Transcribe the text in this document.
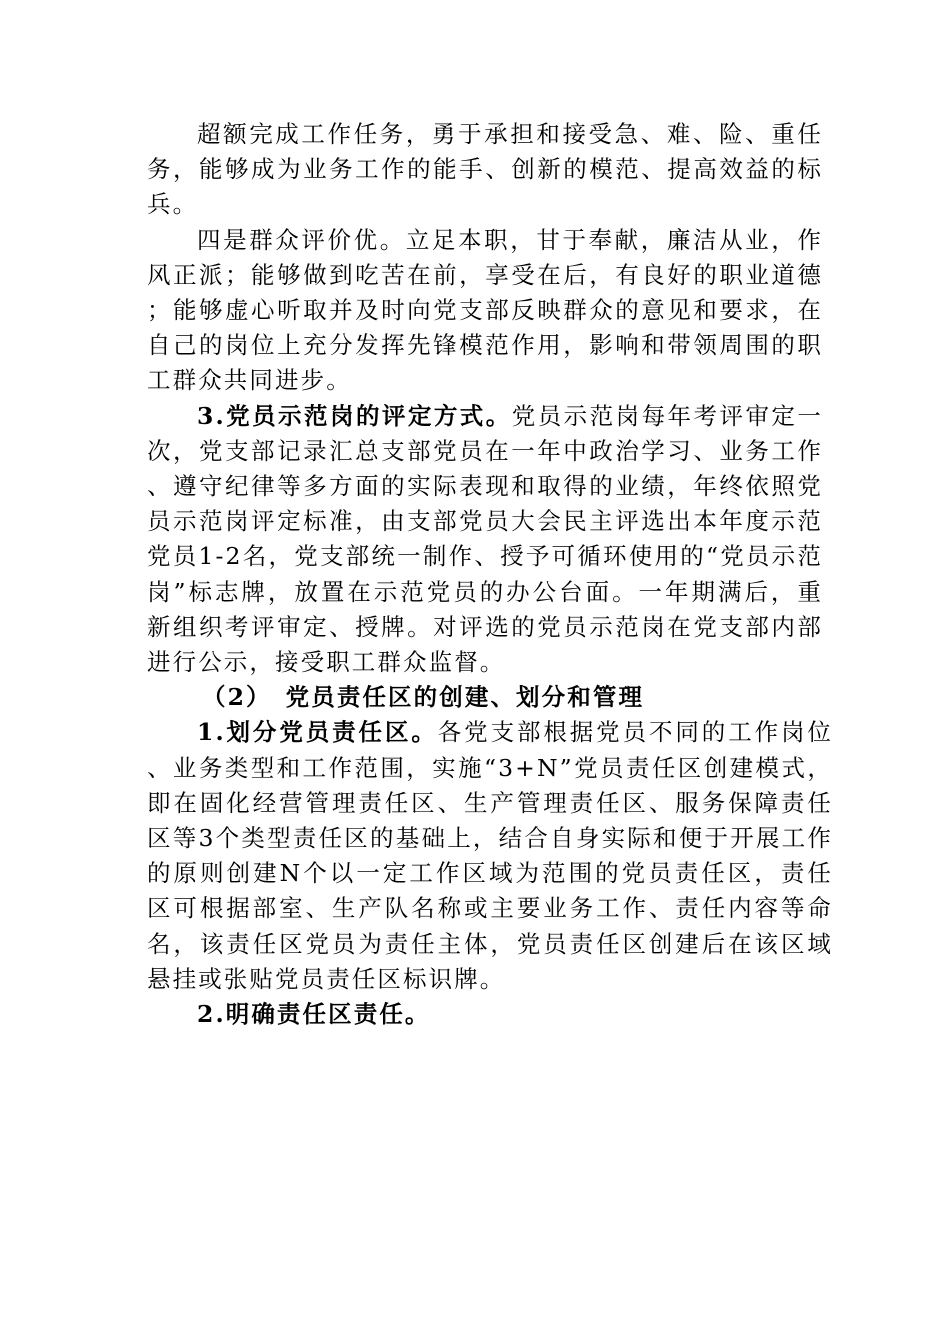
超额完成工作任务，勇于承担和接受急、难、险、重任务，能够成为业务工作的能手、创新的模范、提高效益的标兵。

四是群众评价优。立足本职，甘于奉献，廉洁从业，作风正派；能够做到吃苦在前，享受在后，有良好的职业道德；能够虚心听取并及时向党支部反映群众的意见和要求，在自己的岗位上充分发挥先锋模范作用，影响和带领周围的职工群众共同进步。

3.党员示范岗的评定方式。党员示范岗每年考评审定一次，党支部记录汇总支部党员在一年中政治学习、业务工作、遵守纪律等多方面的实际表现和取得的业绩，年终依照党员示范岗评定标准，由支部党员大会民主评选出本年度示范党员1-2名，党支部统一制作、授予可循环使用的“党员示范岗”标志牌，放置在示范党员的办公台面。一年期满后，重新组织考评审定、授牌。对评选的党员示范岗在党支部内部进行公示，接受职工群众监督。

（2） 党员责任区的创建、划分和管理

1.划分党员责任区。各党支部根据党员不同的工作岗位、业务类型和工作范围，实施“3+N”党员责任区创建模式，即在固化经营管理责任区、生产管理责任区、服务保障责任区等3个类型责任区的基础上，结合自身实际和便于开展工作的原则创建N个以一定工作区域为范围的党员责任区，责任区可根据部室、生产队名称或主要业务工作、责任内容等命名，该责任区党员为责任主体，党员责任区创建后在该区域悬挂或张贴党员责任区标识牌。

2.明确责任区责任。
